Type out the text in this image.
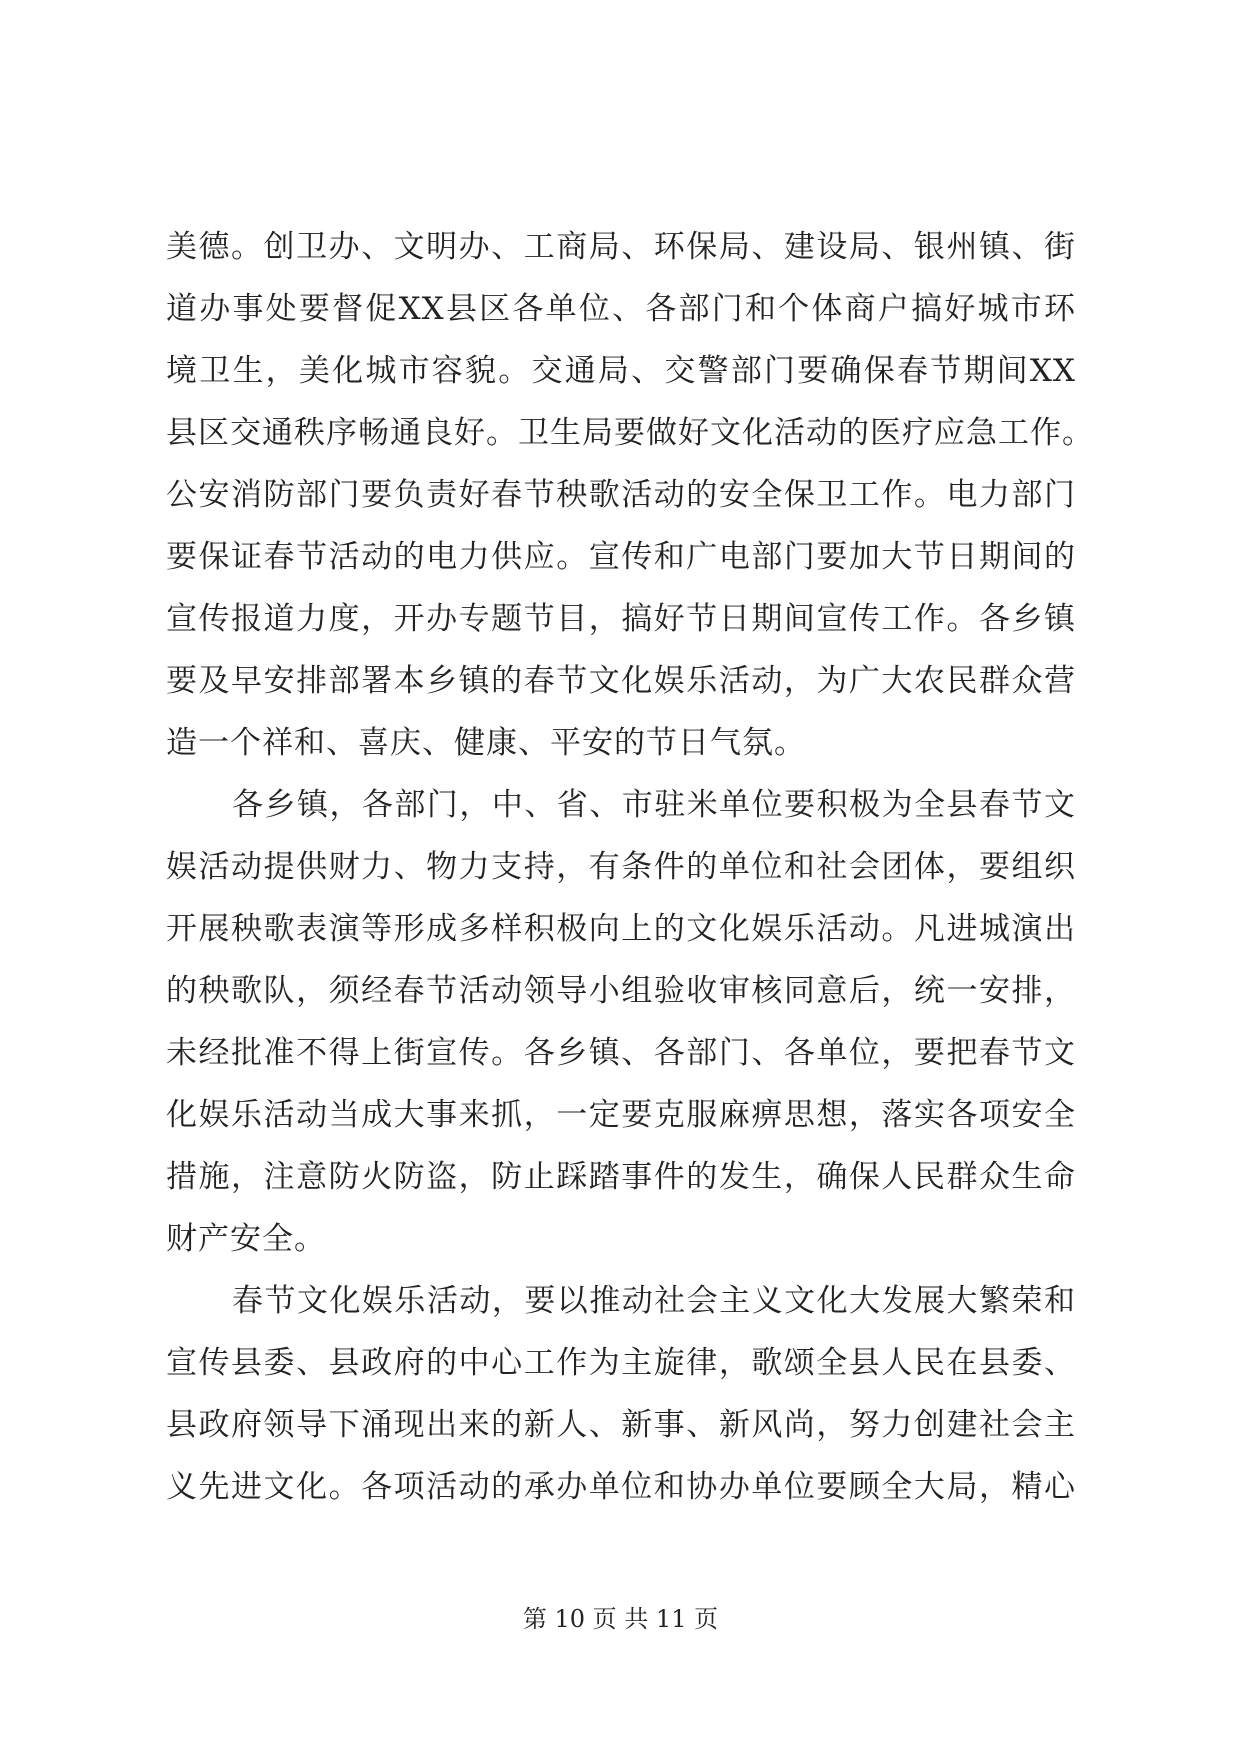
美德。创卫办、文明办、工商局、环保局、建设局、银州镇、街
道办事处要督促XX县区各单位、各部门和个体商户搞好城市环
境卫生，美化城市容貌。交通局、交警部门要确保春节期间XX
县区交通秩序畅通良好。卫生局要做好文化活动的医疗应急工作。
公安消防部门要负责好春节秧歌活动的安全保卫工作。电力部门
要保证春节活动的电力供应。宣传和广电部门要加大节日期间的
宣传报道力度，开办专题节目，搞好节日期间宣传工作。各乡镇
要及早安排部署本乡镇的春节文化娱乐活动，为广大农民群众营
造一个祥和、喜庆、健康、平安的节日气氛。
各乡镇，各部门，中、省、市驻米单位要积极为全县春节文
娱活动提供财力、物力支持，有条件的单位和社会团体，要组织
开展秧歌表演等形成多样积极向上的文化娱乐活动。凡进城演出
的秧歌队，须经春节活动领导小组验收审核同意后，统一安排，
未经批准不得上街宣传。各乡镇、各部门、各单位，要把春节文
化娱乐活动当成大事来抓，一定要克服麻痹思想，落实各项安全
措施，注意防火防盗，防止踩踏事件的发生，确保人民群众生命
财产安全。
春节文化娱乐活动，要以推动社会主义文化大发展大繁荣和
宣传县委、县政府的中心工作为主旋律，歌颂全县人民在县委、
县政府领导下涌现出来的新人、新事、新风尚，努力创建社会主
义先进文化。各项活动的承办单位和协办单位要顾全大局，精心
第 10 页 共 11 页
